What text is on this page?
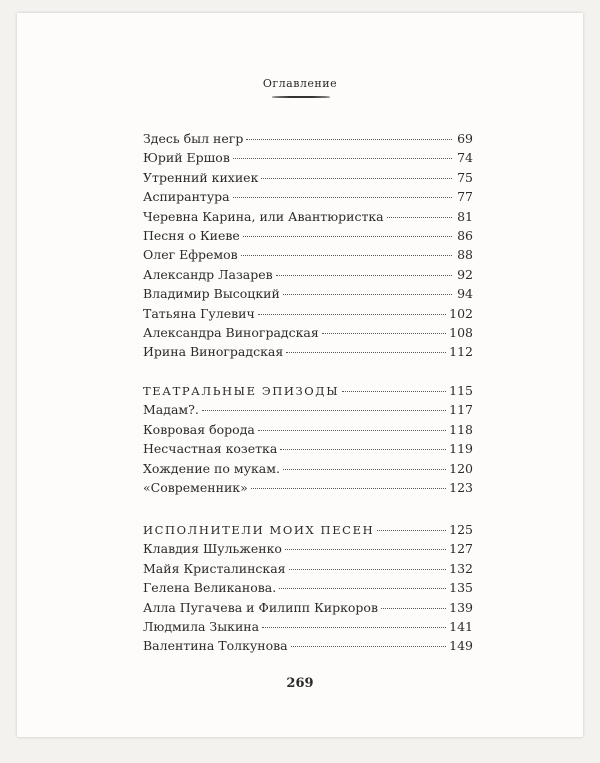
Оглавление
Здесь был негр	69
Юрий Ершов	74
Утренний кихиек	75
Аспирантура	77
Черевна Карина, или Авантюристка	81
Песня о Киеве	86
Олег Ефремов	88
Александр Лазарев	92
Владимир Высоцкий	94
Татьяна Гулевич	102
Александра Виноградская	108
Ирина Виноградская	112
ТЕАТРАЛЬНЫЕ ЭПИЗОДЫ	115
Мадам?.	117
Ковровая борода	118
Несчастная козетка	119
Хождение по мукам.	120
«Современник»	123
ИСПОЛНИТЕЛИ МОИХ ПЕСЕН	125
Клавдия Шульженко	127
Майя Кристалинская	132
Гелена Великанова.	135
Алла Пугачева и Филипп Киркоров	139
Людмила Зыкина	141
Валентина Толкунова	149
269
